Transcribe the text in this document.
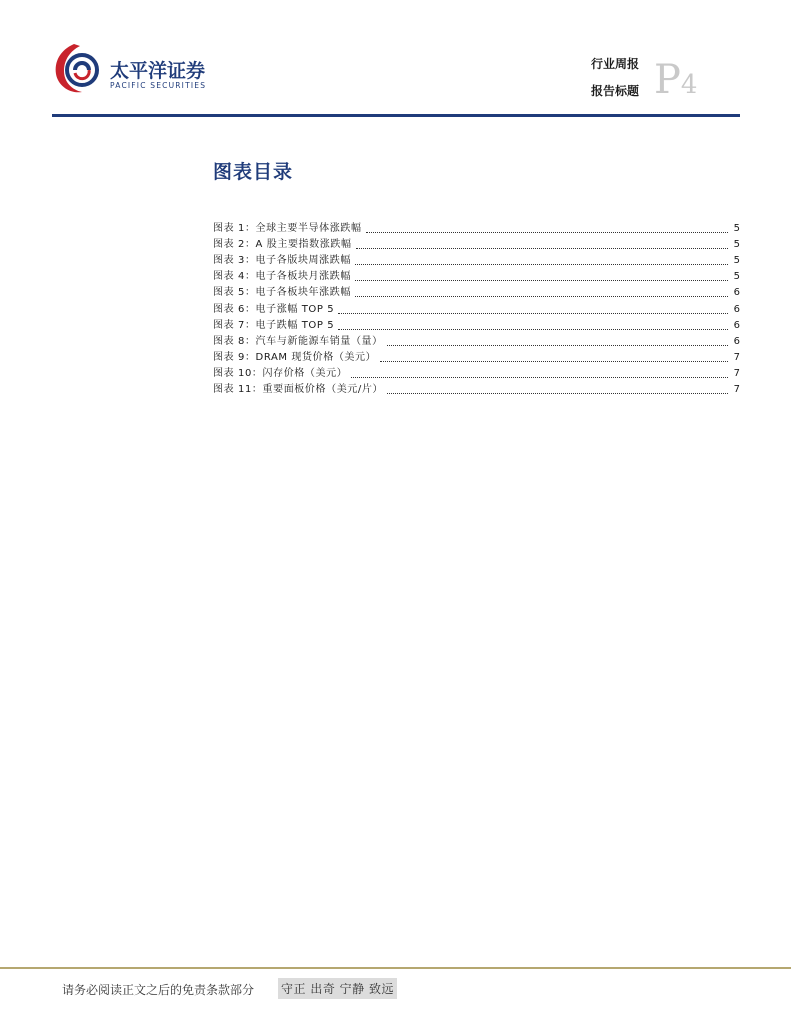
太平洋证券
PACIFIC SECURITIES
行业周报
报告标题 P4
图表目录
图表 1：全球主要半导体涨跌幅	5
图表 2：A 股主要指数涨跌幅	5
图表 3：电子各版块周涨跌幅	5
图表 4：电子各板块月涨跌幅	5
图表 5：电子各板块年涨跌幅	6
图表 6：电子涨幅 TOP 5	6
图表 7：电子跌幅 TOP 5	6
图表 8：汽车与新能源车销量（量）	6
图表 9：DRAM 现货价格（美元）	7
图表 10：闪存价格（美元）	7
图表 11：重要面板价格（美元/片）	7
请务必阅读正文之后的免责条款部分 守正 出奇 宁静 致远
